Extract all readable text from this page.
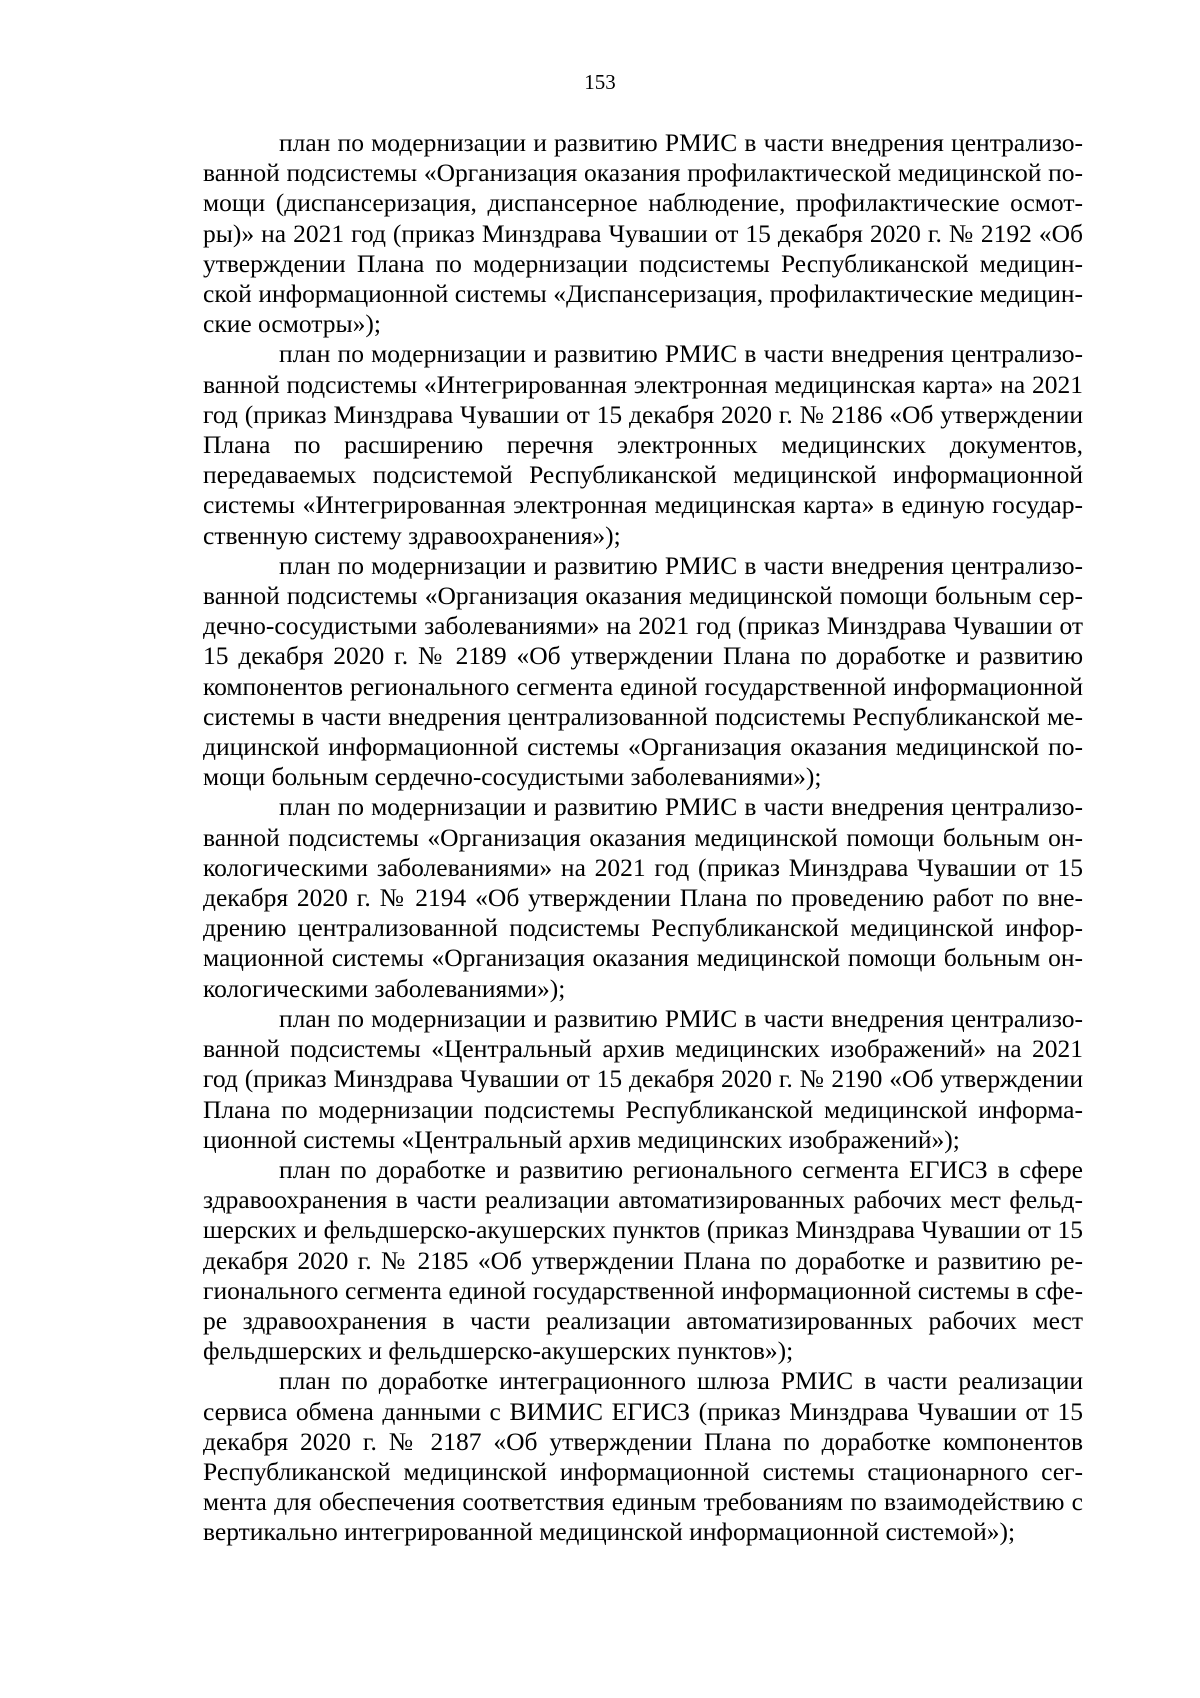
153

план по модернизации и развитию РМИС в части внедрения централизованной подсистемы «Организация оказания профилактической медицинской помощи (диспансеризация, диспансерное наблюдение, профилактические осмотры)» на 2021 год (приказ Минздрава Чувашии от 15 декабря 2020 г. № 2192 «Об утверждении Плана по модернизации подсистемы Республиканской медицинской информационной системы «Диспансеризация, профилактические медицинские осмотры»);

план по модернизации и развитию РМИС в части внедрения централизованной подсистемы «Интегрированная электронная медицинская карта» на 2021 год (приказ Минздрава Чувашии от 15 декабря 2020 г. № 2186 «Об утверждении Плана по расширению перечня электронных медицинских документов, передаваемых подсистемой Республиканской медицинской информационной системы «Интегрированная электронная медицинская карта» в единую государственную систему здравоохранения»);

план по модернизации и развитию РМИС в части внедрения централизованной подсистемы «Организация оказания медицинской помощи больным сердечно-сосудистыми заболеваниями» на 2021 год (приказ Минздрава Чувашии от 15 декабря 2020 г. № 2189 «Об утверждении Плана по доработке и развитию компонентов регионального сегмента единой государственной информационной системы в части внедрения централизованной подсистемы Республиканской медицинской информационной системы «Организация оказания медицинской помощи больным сердечно-сосудистыми заболеваниями»);

план по модернизации и развитию РМИС в части внедрения централизованной подсистемы «Организация оказания медицинской помощи больным онкологическими заболеваниями» на 2021 год (приказ Минздрава Чувашии от 15 декабря 2020 г. № 2194 «Об утверждении Плана по проведению работ по внедрению централизованной подсистемы Республиканской медицинской информационной системы «Организация оказания медицинской помощи больным онкологическими заболеваниями»);

план по модернизации и развитию РМИС в части внедрения централизованной подсистемы «Центральный архив медицинских изображений» на 2021 год (приказ Минздрава Чувашии от 15 декабря 2020 г. № 2190 «Об утверждении Плана по модернизации подсистемы Республиканской медицинской информационной системы «Центральный архив медицинских изображений»);

план по доработке и развитию регионального сегмента ЕГИСЗ в сфере здравоохранения в части реализации автоматизированных рабочих мест фельдшерских и фельдшерско-акушерских пунктов (приказ Минздрава Чувашии от 15 декабря 2020 г. № 2185 «Об утверждении Плана по доработке и развитию регионального сегмента единой государственной информационной системы в сфере здравоохранения в части реализации автоматизированных рабочих мест фельдшерских и фельдшерско-акушерских пунктов»);

план по доработке интеграционного шлюза РМИС в части реализации сервиса обмена данными с ВИМИС ЕГИСЗ (приказ Минздрава Чувашии от 15 декабря 2020 г. № 2187 «Об утверждении Плана по доработке компонентов Республиканской медицинской информационной системы стационарного сегмента для обеспечения соответствия единым требованиям по взаимодействию с вертикально интегрированной медицинской информационной системой»);
